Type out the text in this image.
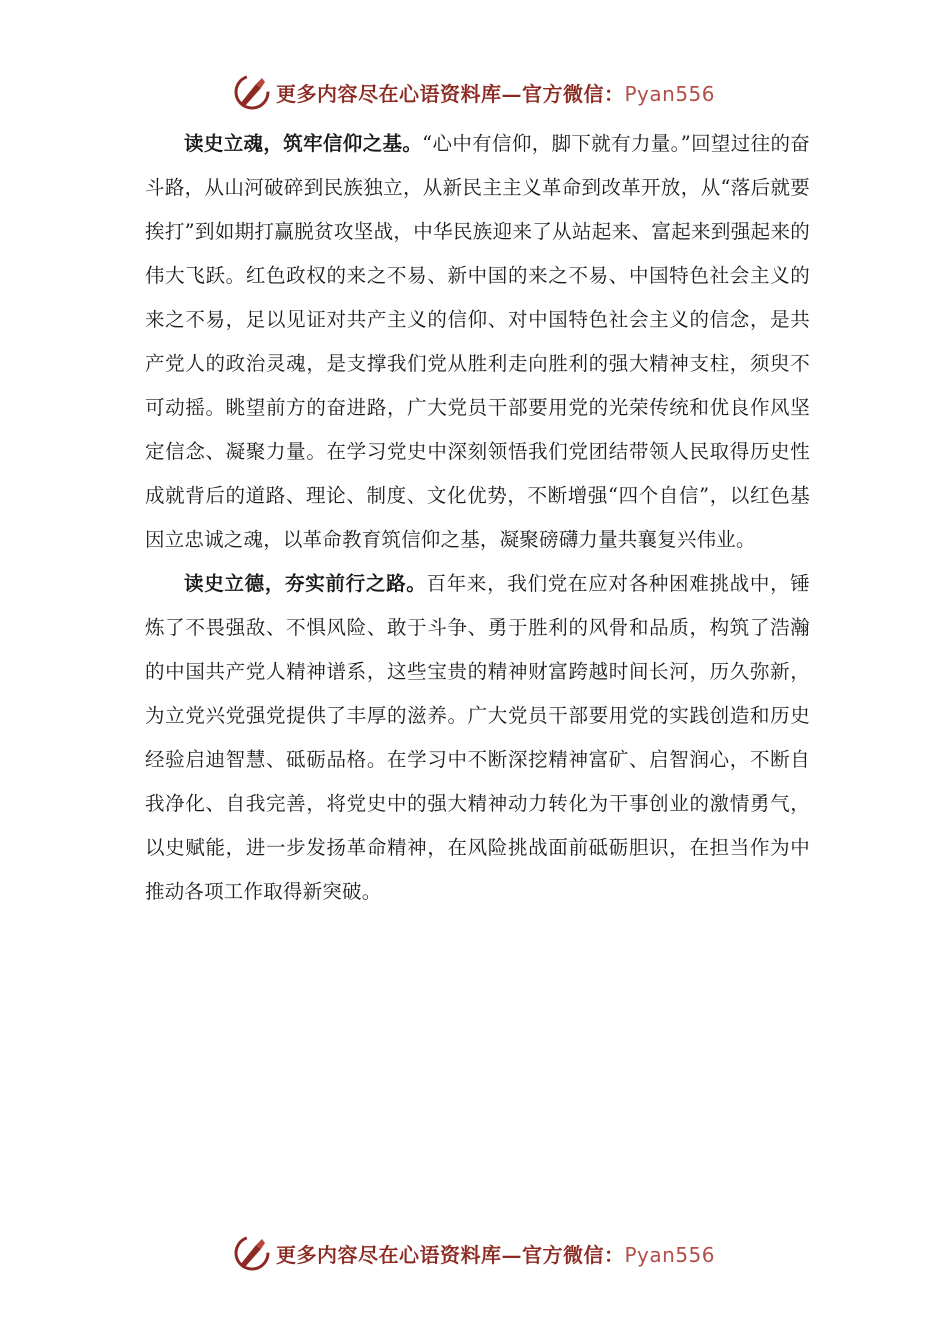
更多内容尽在心语资料库—官方微信：Pyan556

读史立魂，筑牢信仰之基。“心中有信仰，脚下就有力量。”回望过往的奋斗路，从山河破碎到民族独立，从新民主主义革命到改革开放，从“落后就要挨打”到如期打赢脱贫攻坚战，中华民族迎来了从站起来、富起来到强起来的伟大飞跃。红色政权的来之不易、新中国的来之不易、中国特色社会主义的来之不易，足以见证对共产主义的信仰、对中国特色社会主义的信念，是共产党人的政治灵魂，是支撑我们党从胜利走向胜利的强大精神支柱，须臾不可动摇。眺望前方的奋进路，广大党员干部要用党的光荣传统和优良作风坚定信念、凝聚力量。在学习党史中深刻领悟我们党团结带领人民取得历史性成就背后的道路、理论、制度、文化优势，不断增强“四个自信”，以红色基因立忠诚之魂，以革命教育筑信仰之基，凝聚磅礴力量共襄复兴伟业。

读史立德，夯实前行之路。百年来，我们党在应对各种困难挑战中，锤炼了不畏强敌、不惧风险、敢于斗争、勇于胜利的风骨和品质，构筑了浩瀚的中国共产党人精神谱系，这些宝贵的精神财富跨越时间长河，历久弥新，为立党兴党强党提供了丰厚的滋养。广大党员干部要用党的实践创造和历史经验启迪智慧、砥砺品格。在学习中不断深挖精神富矿、启智润心，不断自我净化、自我完善，将党史中的强大精神动力转化为干事创业的激情勇气，以史赋能，进一步发扬革命精神，在风险挑战面前砥砺胆识，在担当作为中推动各项工作取得新突破。

更多内容尽在心语资料库—官方微信：Pyan556
